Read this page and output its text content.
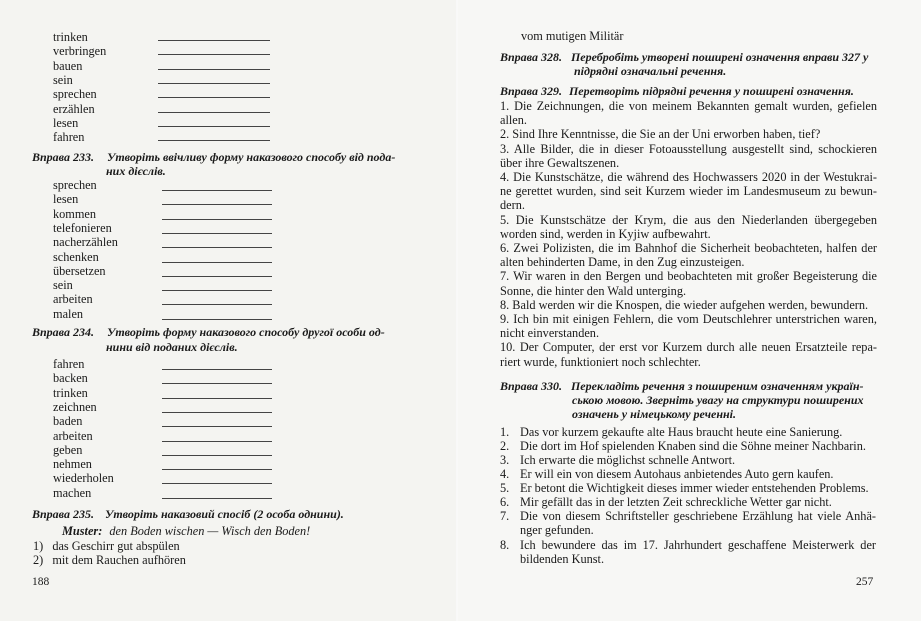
trinken
verbringen
bauen
sein
sprechen
erzählen
lesen
fahren
Вправа 233. Утворіть ввічливу форму наказового способу від пода-
них дієслів.
sprechen
lesen
kommen
telefonieren
nacherzählen
schenken
übersetzen
sein
arbeiten
malen
Вправа 234. Утворіть форму наказового способу другої особи од-
нини від поданих дієслів.
fahren
backen
trinken
zeichnen
baden
arbeiten
geben
nehmen
wiederholen
machen
Вправа 235. Утворіть наказовий спосіб (2 особа однини).
Muster: den Boden wischen — Wisch den Boden!
1) das Geschirr gut abspülen
2) mit dem Rauchen aufhören
188
vom mutigen Militär
Вправа 328. Перебробіть утворені поширені означення вправи 327 у
підрядні означальні речення.
Вправа 329. Перетворіть підрядні речення у поширені означення.
1. Die Zeichnungen, die von meinem Bekannten gemalt wurden, gefielen allen.
2. Sind Ihre Kenntnisse, die Sie an der Uni erworben haben, tief?
3. Alle Bilder, die in dieser Fotoausstellung ausgestellt sind, schockieren über ihre Gewaltszenen.
4. Die Kunstschätze, die während des Hochwassers 2020 in der Westukrai-ne gerettet wurden, sind seit Kurzem wieder im Landesmuseum zu bewun-dern.
5. Die Kunstschätze der Krym, die aus den Niederlanden übergegeben worden sind, werden in Kyjiw aufbewahrt.
6. Zwei Polizisten, die im Bahnhof die Sicherheit beobachteten, halfen der alten behinderten Dame, in den Zug einzusteigen.
7. Wir waren in den Bergen und beobachteten mit großer Begeisterung die Sonne, die hinter den Wald unterging.
8. Bald werden wir die Knospen, die wieder aufgehen werden, bewundern.
9. Ich bin mit einigen Fehlern, die vom Deutschlehrer unterstrichen waren, nicht einverstanden.
10. Der Computer, der erst vor Kurzem durch alle neuen Ersatzteile repa-riert wurde, funktioniert noch schlechter.
Вправа 330. Перекладіть речення з поширеним означенням україн-
ською мовою. Зверніть увагу на структури поширених
означень у німецькому реченні.
1. Das vor kurzem gekaufte alte Haus braucht heute eine Sanierung.
2. Die dort im Hof spielenden Knaben sind die Söhne meiner Nachbarin.
3. Ich erwarte die möglichst schnelle Antwort.
4. Er will ein von diesem Autohaus anbietendes Auto gern kaufen.
5. Er betont die Wichtigkeit dieses immer wieder entstehenden Problems.
6. Mir gefällt das in der letzten Zeit schreckliche Wetter gar nicht.
7. Die von diesem Schriftsteller geschriebene Erzählung hat viele Anhä-nger gefunden.
8. Ich bewundere das im 17. Jahrhundert geschaffene Meisterwerk der bildenden Kunst.
257
